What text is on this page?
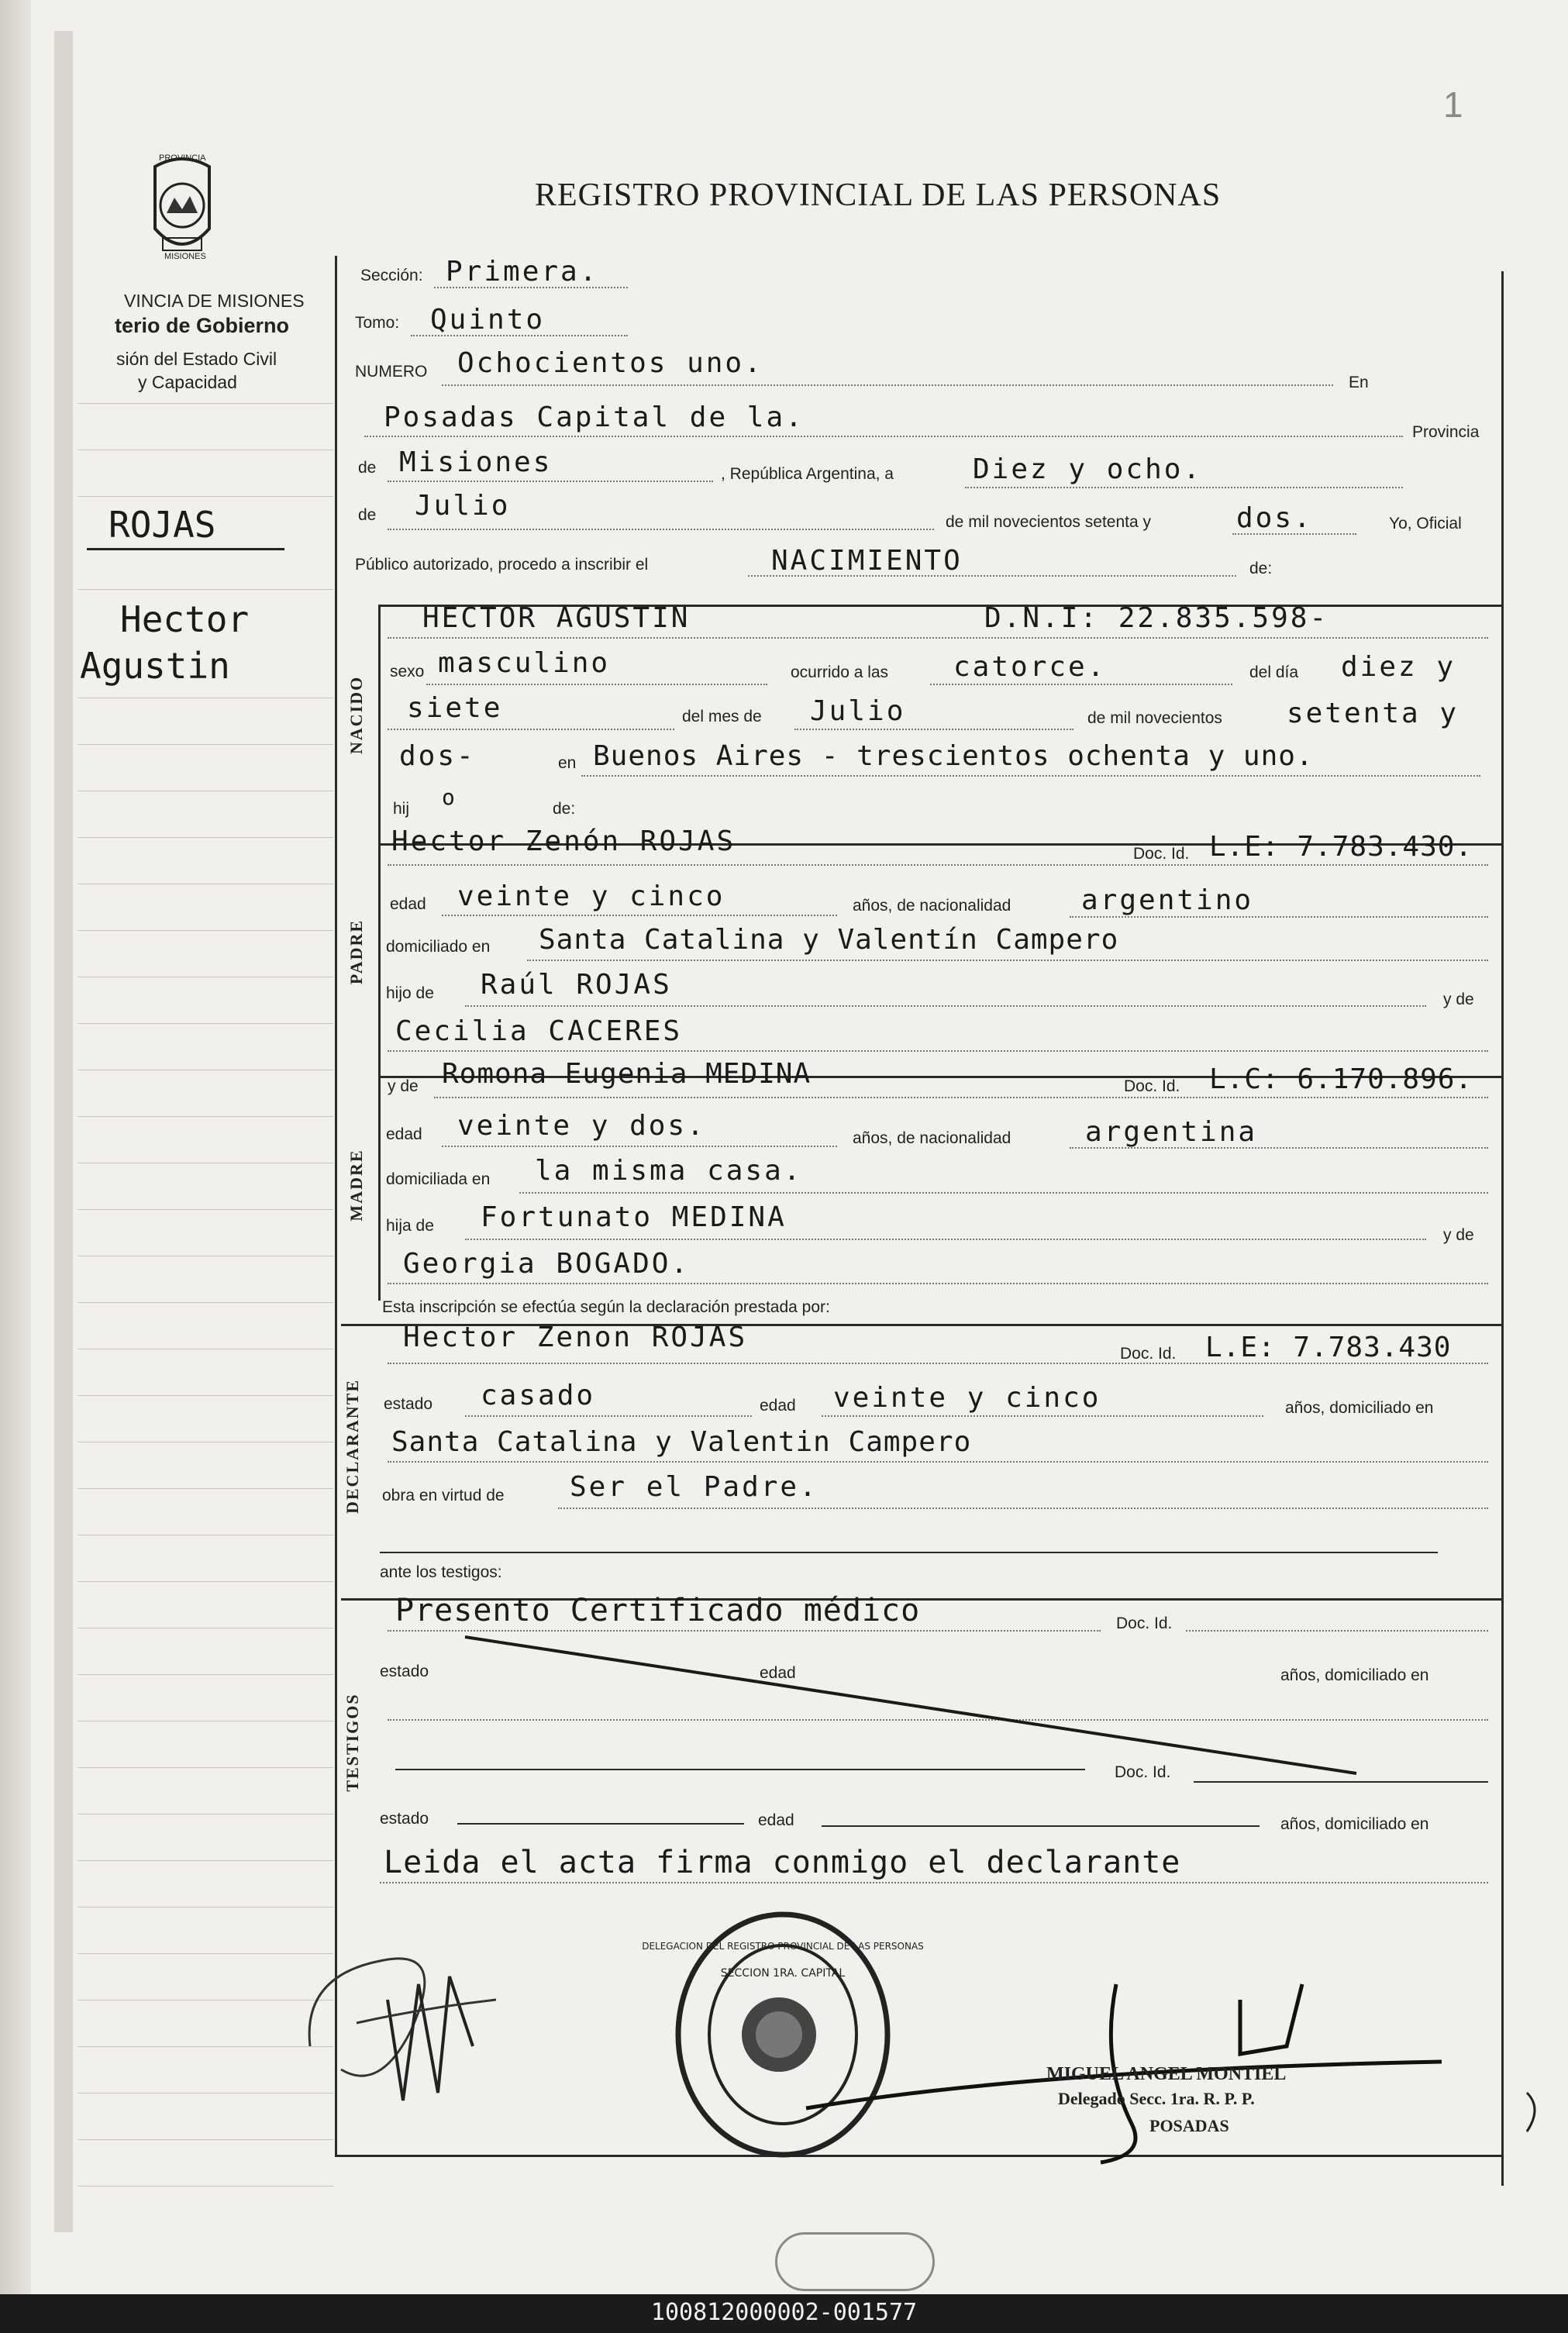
1
PROVINCIA
MISIONES
VINCIA DE MISIONES
terio de Gobierno
sión del Estado Civil
y Capacidad
REGISTRO PROVINCIAL DE LAS PERSONAS
ROJAS
Hector
Agustin
Sección: Primera.
Tomo: Quinto
NUMERO Ochocientos uno.
En
Posadas Capital de la.	Provincia
de Misiones	, República Argentina, a	Diez y ocho.
de Julio
de mil novecientos setenta y	dos.	Yo, Oficial
Público autorizado, procedo a inscribir el	NACIMIENTO	de:
NACIDO
HECTOR AGUSTIN	D.N.I: 22.835.598-
sexo masculino	ocurrido a las catorce.	del día diez y
siete	del mes de Julio	de mil novecientos setenta y
dos-	en Buenos Aires - trescientos ochenta y uno.
hij o	de:
PADRE
Hector Zenón ROJAS	Doc. Id. L.E: 7.783.430.
edad veinte y cinco	años, de nacionalidad	argentino
domiciliado en Santa Catalina y Valentín Campero
hijo de Raúl ROJAS	y de
Cecilia CACERES
MADRE
y de Romona Eugenia MEDINA	Doc. Id. L.C: 6.170.896.
edad veinte y dos.	años, de nacionalidad	argentina
domiciliada en la misma casa.
hija de Fortunato MEDINA
y de
Georgia BOGADO.
Esta inscripción se efectúa según la declaración prestada por:
DECLARANTE
Hector Zenon ROJAS
Doc. Id. L.E: 7.783.430
estado casado	edad veinte y cinco	años, domiciliado en
Santa Catalina y Valentin Campero
obra en virtud de Ser el Padre.
ante los testigos:
TESTIGOS
Presento Certificado médico	Doc. Id.
estado	edad	años, domiciliado en
Doc. Id.
estado	edad	años, domiciliado en
Leida el acta firma conmigo el declarante
DELEGACION DEL REGISTRO PROVINCIAL DE LAS PERSONAS
SECCION 1RA. CAPITAL
MIGUEL ANGEL MONTIEL
Delegado Secc. 1ra. R. P. P.
POSADAS
100812000002-001577
